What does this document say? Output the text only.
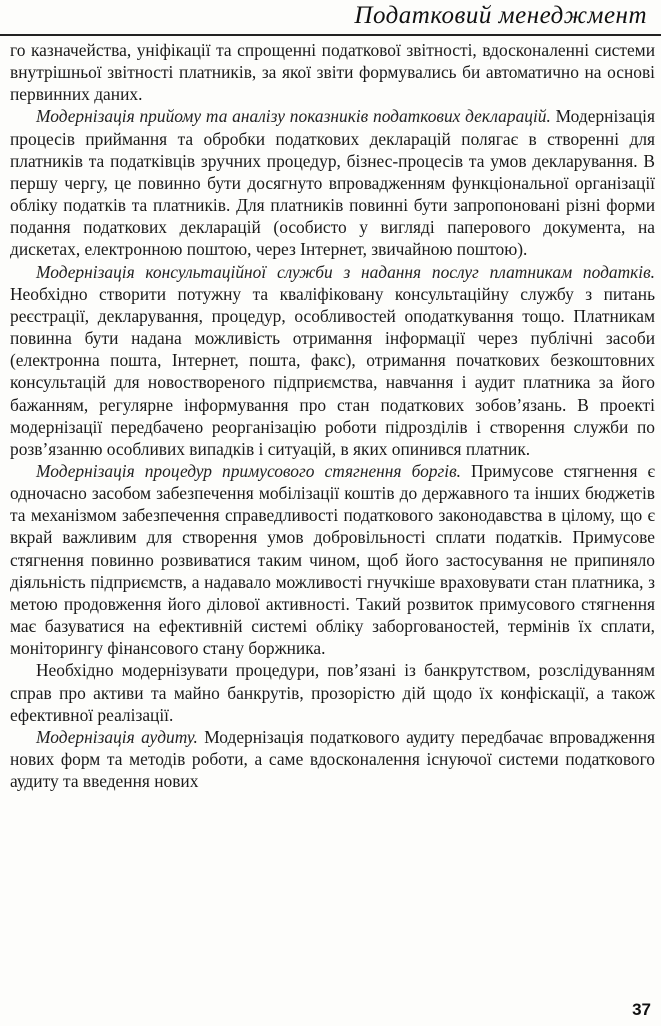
Податковий менеджмент

го казначейства, уніфікації та спрощенні податкової звітності, вдосконаленні системи внутрішньої звітності платників, за якої звіти формувались би автоматично на основі первинних даних.

Модернізація прийому та аналізу показників податкових декларацій. Модернізація процесів приймання та обробки податкових декларацій полягає в створенні для платників та податківців зручних процедур, бізнес-процесів та умов декларування. В першу чергу, це повинно бути досягнуто впровадженням функціональної організації обліку податків та платників. Для платників повинні бути запропоновані різні форми подання податкових декларацій (особисто у вигляді паперового документа, на дискетах, електронною поштою, через Інтернет, звичайною поштою).

Модернізація консультаційної служби з надання послуг платникам податків. Необхідно створити потужну та кваліфіковану консультаційну службу з питань реєстрації, декларування, процедур, особливостей оподаткування тощо. Платникам повинна бути надана можливість отримання інформації через публічні засоби (електронна пошта, Інтернет, пошта, факс), отримання початкових безкоштовних консультацій для новоствореного підприємства, навчання і аудит платника за його бажанням, регулярне інформування про стан податкових зобов’язань. В проекті модернізації передбачено реорганізацію роботи підрозділів і створення служби по розв’язанню особливих випадків і ситуацій, в яких опинився платник.

Модернізація процедур примусового стягнення боргів. Примусове стягнення є одночасно засобом забезпечення мобілізації коштів до державного та інших бюджетів та механізмом забезпечення справедливості податкового законодавства в цілому, що є вкрай важливим для створення умов добровільності сплати податків. Примусове стягнення повинно розвиватися таким чином, щоб його застосування не припиняло діяльність підприємств, а надавало можливості гнучкіше враховувати стан платника, з метою продовження його ділової активності. Такий розвиток примусового стягнення має базуватися на ефективній системі обліку заборгованостей, термінів їх сплати, моніторингу фінансового стану боржника.

Необхідно модернізувати процедури, пов’язані із банкрутством, розслідуванням справ про активи та майно банкрутів, прозорістю дій щодо їх конфіскації, а також ефективної реалізації.

Модернізація аудиту. Модернізація податкового аудиту передбачає впровадження нових форм та методів роботи, а саме вдосконалення існуючої системи податкового аудиту та введення нових

37
